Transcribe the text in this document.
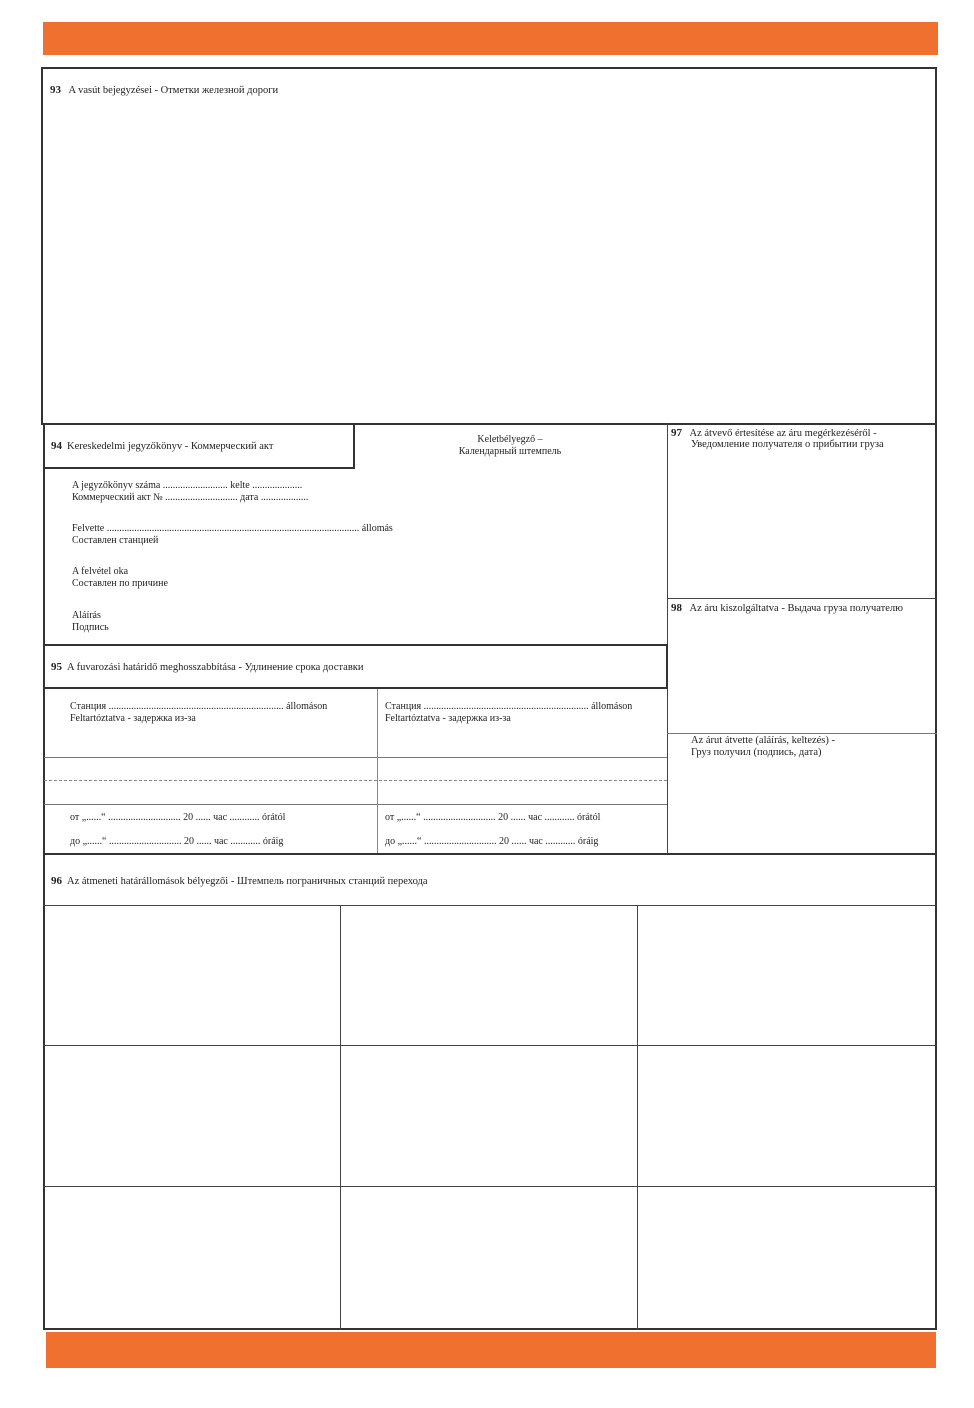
93 A vasút bejegyzései - Отметки железной дороги
94 Kereskedelmi jegyzőkönyv - Коммерческий акт
Keletbélyegző –
Календарный штемпель
A jegyzőkönyv száma .......................... kelte ....................
Коммерческий акт № ............................. дата ...................
Felvette ..................................................................................................... állomás
Составлен станцией
A felvétel oka
Составлен по причине
Aláírás
Подпись
95 A fuvarozási határidő meghosszabbítása - Удлинение срока доставки
Станция ...................................................................... állomáson
Feltartóztatva - задержка из-за
Станция .................................................................. állomáson
Feltartóztatva - задержка из-за
от „......“ ............................. 20 ...... час ............ órától
до „......“ ............................. 20 ...... час ............ óráig
от „......“ ............................. 20 ...... час ............ órától
до „......“ ............................. 20 ...... час ............ óráig
97 Az átvevő értesítése az áru megérkezéséről -
Уведомление получателя о прибытии груза
98 Az áru kiszolgáltatva - Выдача груза получателю
Az árut átvette (aláírás, keltezés) -
Груз получил (подпись, дата)
96 Az átmeneti határállomások bélyegzői - Штемпель пограничных станций перехода
